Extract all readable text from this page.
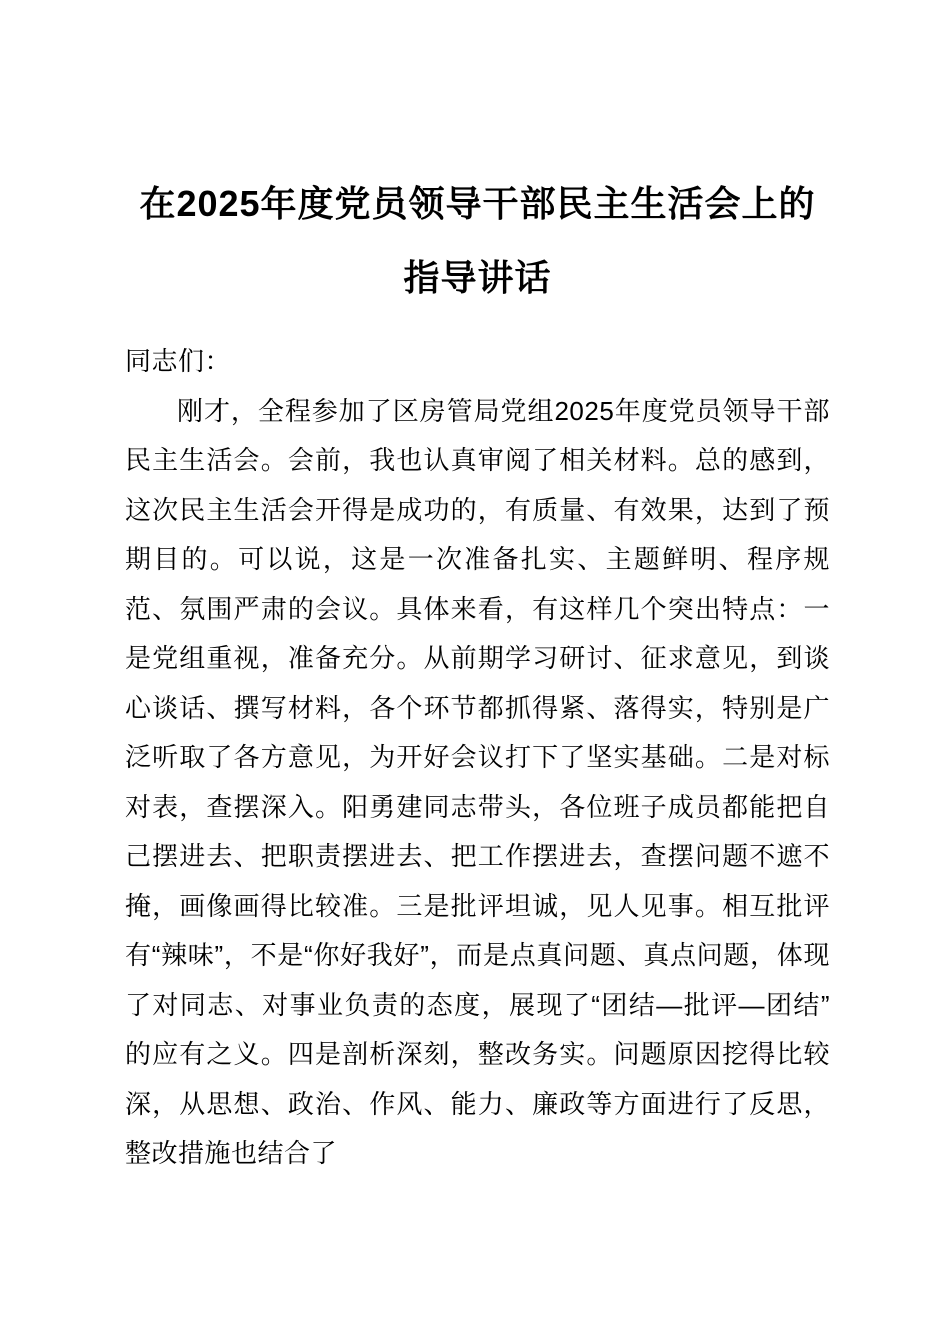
在2025年度党员领导干部民主生活会上的
指导讲话

同志们：

刚才，全程参加了区房管局党组2025年度党员领导干部民主生活会。会前，我也认真审阅了相关材料。总的感到，这次民主生活会开得是成功的，有质量、有效果，达到了预期目的。可以说，这是一次准备扎实、主题鲜明、程序规范、氛围严肃的会议。具体来看，有这样几个突出特点：一是党组重视，准备充分。从前期学习研讨、征求意见，到谈心谈话、撰写材料，各个环节都抓得紧、落得实，特别是广泛听取了各方意见，为开好会议打下了坚实基础。二是对标对表，查摆深入。阳勇建同志带头，各位班子成员都能把自己摆进去、把职责摆进去、把工作摆进去，查摆问题不遮不掩，画像画得比较准。三是批评坦诚，见人见事。相互批评有“辣味”，不是“你好我好”，而是点真问题、真点问题，体现了对同志、对事业负责的态度，展现了“团结—批评—团结”的应有之义。四是剖析深刻，整改务实。问题原因挖得比较深，从思想、政治、作风、能力、廉政等方面进行了反思，整改措施也结合了
